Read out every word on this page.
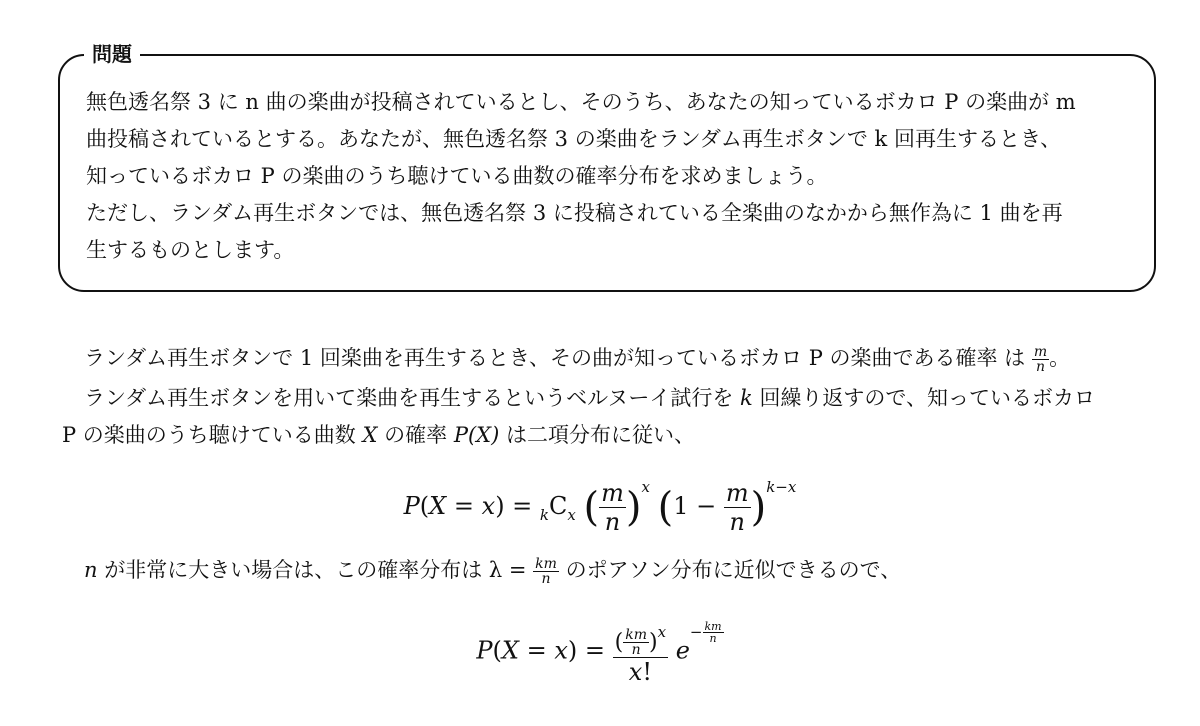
問題
無色透名祭 3 に n 曲の楽曲が投稿されているとし、そのうち、あなたの知っているボカロ P の楽曲が m
曲投稿されているとする。あなたが、無色透名祭 3 の楽曲をランダム再生ボタンで k 回再生するとき、
知っているボカロ P の楽曲のうち聴けている曲数の確率分布を求めましょう。
ただし、ランダム再生ボタンでは、無色透名祭 3 に投稿されている全楽曲のなかから無作為に 1 曲を再
生するものとします。
ランダム再生ボタンで 1 回楽曲を再生するとき、その曲が知っているボカロ P の楽曲である確率 は $\frac{m}{n}$ 。
ランダム再生ボタンを用いて楽曲を再生するというベルヌーイ試行を k 回繰り返すので、知っているボカロ
P の楽曲のうち聴けている曲数 X の確率 P(X) は二項分布に従い、
$P(X = x) = _kC_x$ ( $\frac{m}{n} )^x$ $(1 - \frac{m}{n} )^{k-x}$
n が非常に大きい場合は、この確率分布は $\lambda = \frac{km}{n}$ のポアソン分布に近似できるので、
$P(X = x) = \frac{( \frac{km}{n} )^x}{x!} e^{- \frac{km}{n}}$
